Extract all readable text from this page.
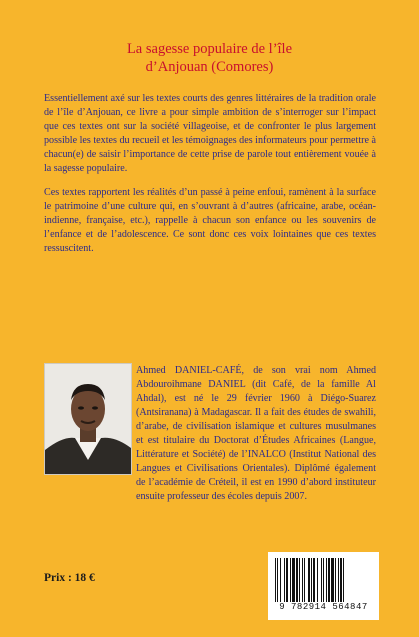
La sagesse populaire de l’île
d’Anjouan (Comores)

Essentiellement axé sur les textes courts des genres littéraires de la tradition orale de l’île d’Anjouan, ce livre a pour simple ambition de s’interroger sur l’impact que ces textes ont sur la société villageoise, et de confronter le plus largement possible les textes du recueil et les témoignages des informateurs pour permettre à chacun(e) de saisir l’importance de cette prise de parole tout entièrement vouée à la sagesse populaire.

Ces textes rapportent les réalités d’un passé à peine enfoui, ramènent à la surface le patrimoine d’une culture qui, en s’ouvrant à d’autres (africaine, arabe, océan-indienne, française, etc.), rappelle à chacun son enfance ou les souvenirs de l’enfance et de l’adolescence. Ce sont donc ces voix lointaines que ces textes ressuscitent.

Ahmed DANIEL-CAFÉ, de son vrai nom Ahmed Abdouroihmane DANIEL (dit Café, de la famille Al Ahdal), est né le 29 février 1960 à Diégo-Suarez (Antsiranana) à Madagascar. Il a fait des études de swahili, d’arabe, de civilisation islamique et cultures musulmanes et est titulaire du Doctorat d’Études Africaines (Langue, Littérature et Société) de l’INALCO (Institut National des Langues et Civilisations Orientales). Diplômé également de l’académie de Créteil, il est en 1990 d’abord instituteur ensuite professeur des écoles depuis 2007.

Prix : 18 €
9 782914 564847
